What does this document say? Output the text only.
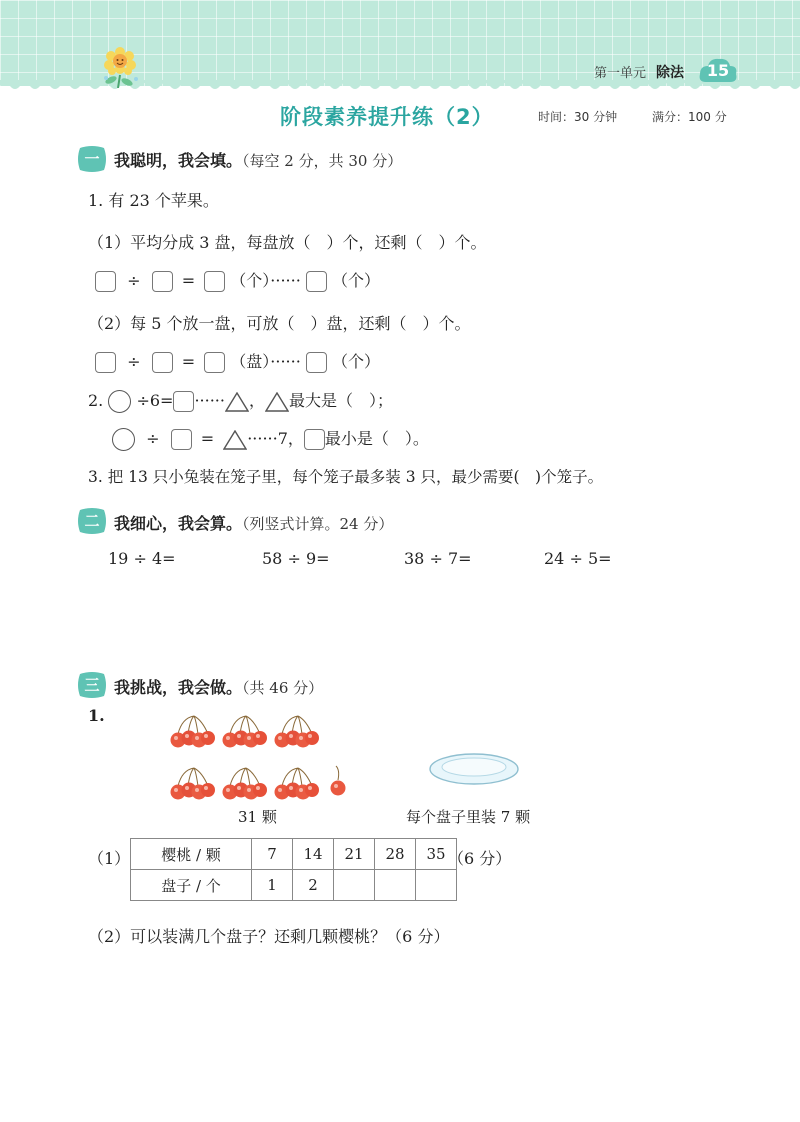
第一单元 除法	15
阶段素养提升练（2）	时间：30 分钟	满分：100 分
一 我聪明，我会填。（每空 2 分，共 30 分）
1. 有 23 个苹果。
（1）平均分成 3 盘，每盘放（　）个，还剩（　）个。
÷	= （个）······ （个）
（2）每 5 个放一盘，可放（　）盘，还剩（　）个。
÷	= （盘）······ （个）
2. ÷6= ······ ， 最大是（　）；
÷	= ······7， 最小是（　）。
3. 把 13 只小兔装在笼子里，每个笼子最多装 3 只，最少需要(　)个笼子。
二 我细心，我会算。（列竖式计算。24 分）
19 ÷ 4=	58 ÷ 9=	38 ÷ 7=	24 ÷ 5=
三 我挑战，我会做。（共 46 分）
1.
31 颗	每个盘子里装 7 颗
（1） 樱桃 / 颗	7	14	21	28	35
盘子 / 个	1	2			
（6 分）
（2）可以装满几个盘子？还剩几颗樱桃？（6 分）
